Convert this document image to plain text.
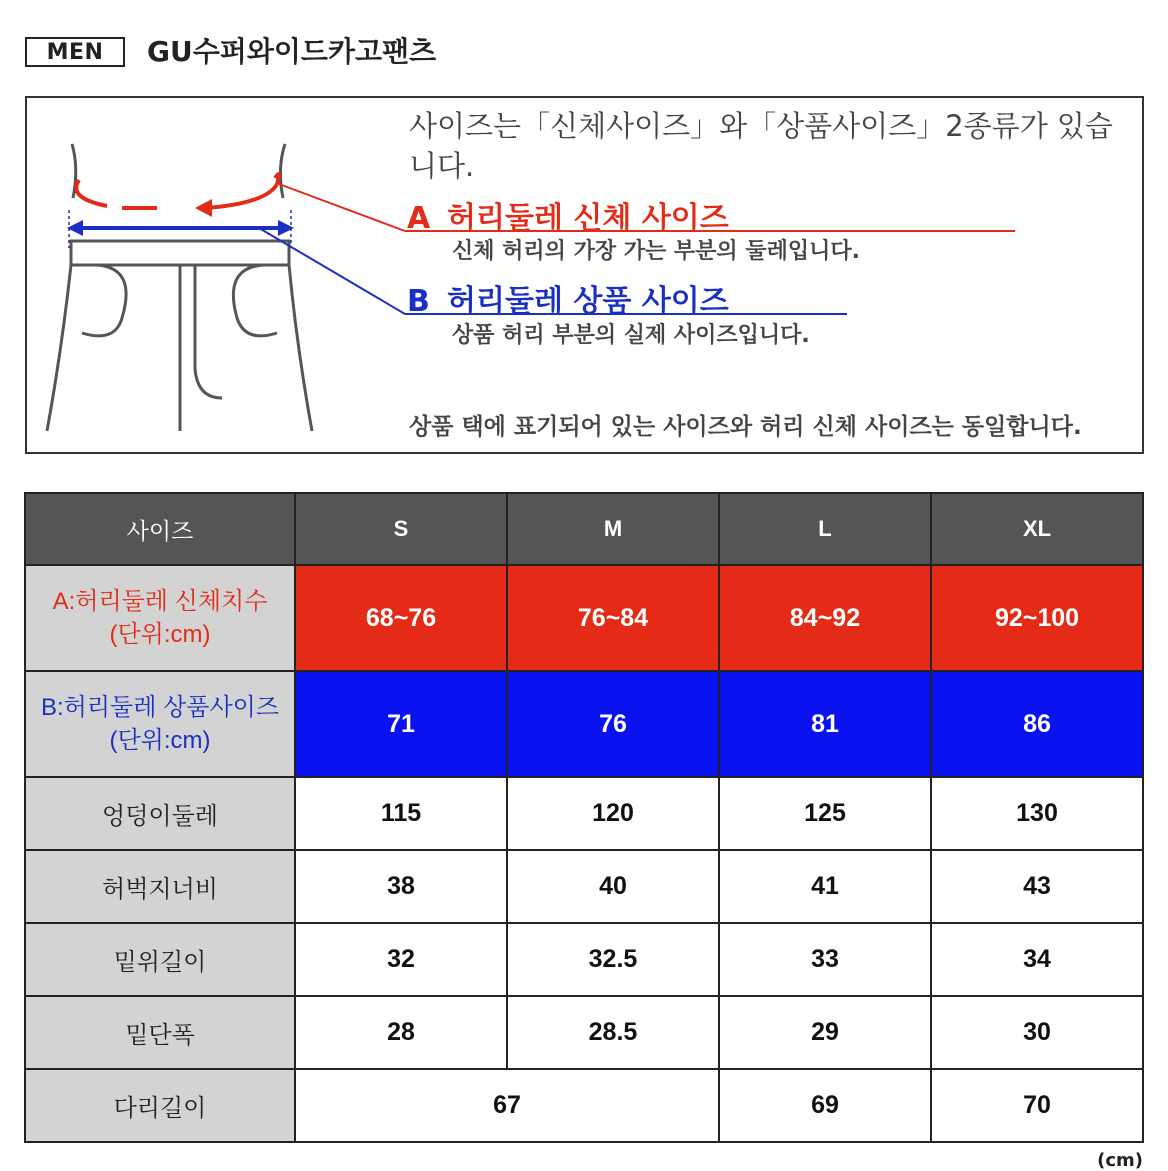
MEN	GU수퍼와이드카고팬츠
사이즈는「신체사이즈」와「상품사이즈」2종류가 있습니다.
A 허리둘레 신체 사이즈
신체 허리의 가장 가는 부분의 둘레입니다.
B 허리둘레 상품 사이즈
상품 허리 부분의 실제 사이즈입니다.
상품 택에 표기되어 있는 사이즈와 허리 신체 사이즈는 동일합니다.
사이즈	S	M	L	XL

A:허리둘레 신체치수
(단위:cm)	68~76	76~84	84~92	92~100

B:허리둘레 상품사이즈
(단위:cm)	71	76	81	86
엉덩이둘레	115	120	125	130
허벅지너비	38	40	41	43
밑위길이	32	32.5	33	34
밑단폭	28	28.5	29	30
다리길이	67		69	70
(cm)
